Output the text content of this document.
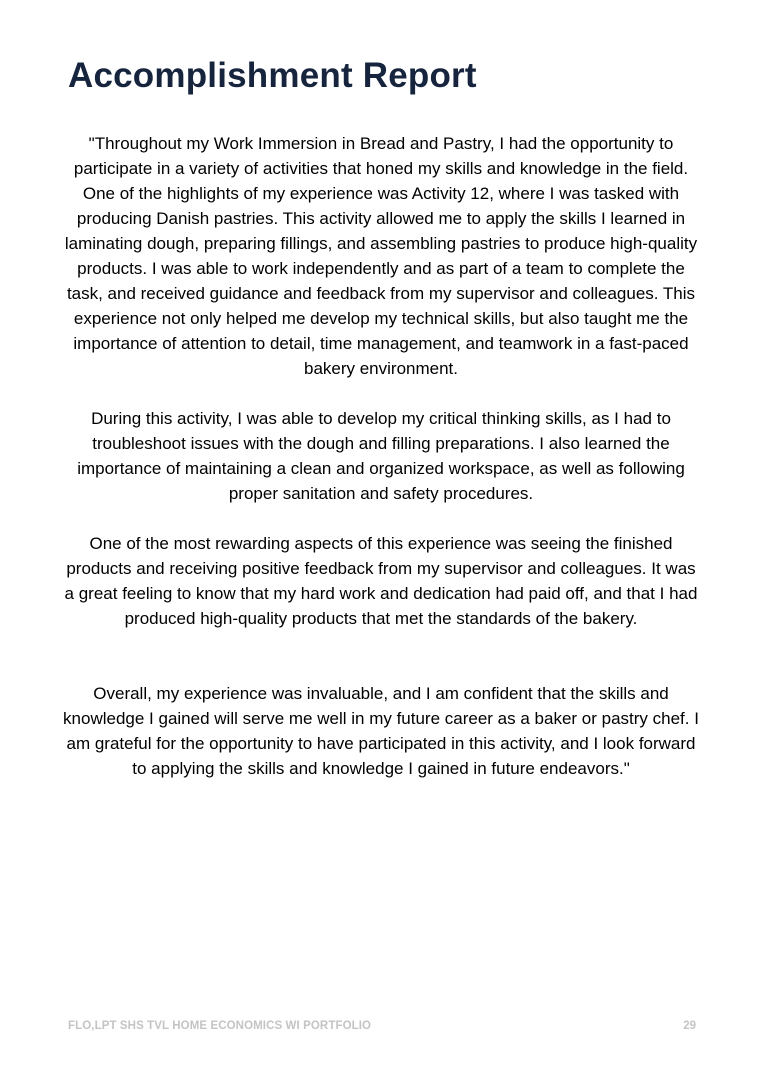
Accomplishment Report

"Throughout my Work Immersion in Bread and Pastry, I had the opportunity to participate in a variety of activities that honed my skills and knowledge in the field. One of the highlights of my experience was Activity 12, where I was tasked with producing Danish pastries. This activity allowed me to apply the skills I learned in laminating dough, preparing fillings, and assembling pastries to produce high-quality products. I was able to work independently and as part of a team to complete the task, and received guidance and feedback from my supervisor and colleagues. This experience not only helped me develop my technical skills, but also taught me the importance of attention to detail, time management, and teamwork in a fast-paced bakery environment.

During this activity, I was able to develop my critical thinking skills, as I had to troubleshoot issues with the dough and filling preparations. I also learned the importance of maintaining a clean and organized workspace, as well as following proper sanitation and safety procedures.

One of the most rewarding aspects of this experience was seeing the finished products and receiving positive feedback from my supervisor and colleagues. It was a great feeling to know that my hard work and dedication had paid off, and that I had produced high-quality products that met the standards of the bakery.

Overall, my experience was invaluable, and I am confident that the skills and knowledge I gained will serve me well in my future career as a baker or pastry chef. I am grateful for the opportunity to have participated in this activity, and I look forward to applying the skills and knowledge I gained in future endeavors."

FLO,LPT SHS TVL HOME ECONOMICS WI PORTFOLIO	29
